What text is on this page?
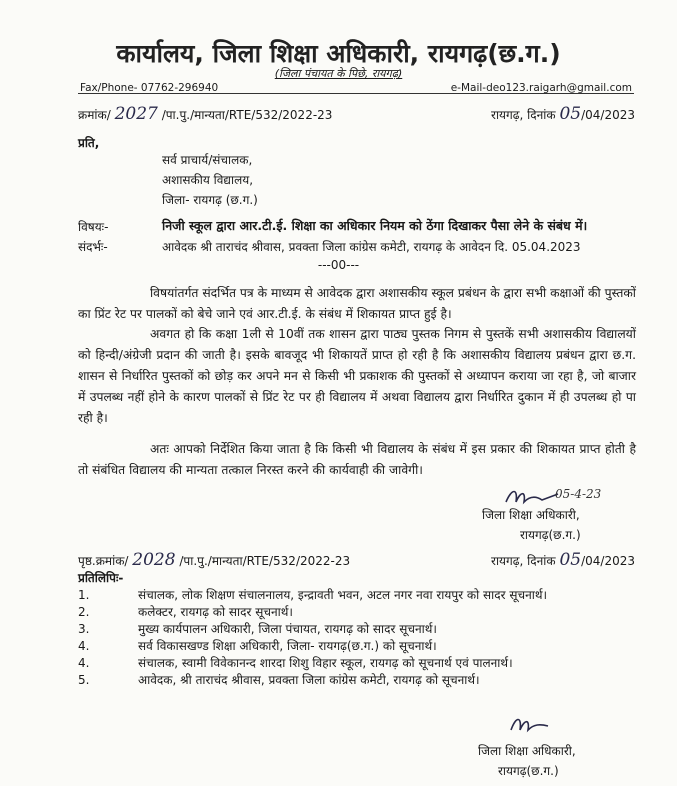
कार्यालय, जिला शिक्षा अधिकारी, रायगढ़(छ.ग.)
(जिला पंचायत के पिछे, रायगढ़)
Fax/Phone- 07762-296940	e-Mail-deo123.raigarh@gmail.com
क्रमांक/ 2027 /पा.पु./मान्यता/RTE/532/2022-23	रायगढ़, दिनांक 05/04/2023
प्रति,
सर्व प्राचार्य/संचालक,
अशासकीय विद्यालय,
जिला- रायगढ़ (छ.ग.)
विषयः-	निजी स्कूल द्वारा आर.टी.ई. शिक्षा का अधिकार नियम को ठेंगा दिखाकर पैसा लेने के संबंध में।
संदर्भः-	आवेदक श्री ताराचंद श्रीवास, प्रवक्ता जिला कांग्रेस कमेटी, रायगढ़ के आवेदन दि. 05.04.2023
---00---
विषयांतर्गत संदर्भित पत्र के माध्यम से आवेदक द्वारा अशासकीय स्कूल प्रबंधन के द्वारा सभी कक्षाओं की पुस्तकों का प्रिंट रेट पर पालकों को बेचे जाने एवं आर.टी.ई. के संबंध में शिकायत प्राप्त हुई है।
अवगत हो कि कक्षा 1ली से 10वीं तक शासन द्वारा पाठ्य पुस्तक निगम से पुस्तकें सभी अशासकीय विद्यालयों को हिन्दी/अंग्रेजी प्रदान की जाती है। इसके बावजूद भी शिकायतें प्राप्त हो रही है कि अशासकीय विद्यालय प्रबंधन द्वारा छ.ग. शासन से निर्धारित पुस्तकों को छोड़ कर अपने मन से किसी भी प्रकाशक की पुस्तकों से अध्यापन कराया जा रहा है, जो बाजार में उपलब्ध नहीं होने के कारण पालकों से प्रिंट रेट पर ही विद्यालय में अथवा विद्यालय द्वारा निर्धारित दुकान में ही उपलब्ध हो पा रही है।
अतः आपको निर्देशित किया जाता है कि किसी भी विद्यालय के संबंध में इस प्रकार की शिकायत प्राप्त होती है तो संबंधित विद्यालय की मान्यता तत्काल निरस्त करने की कार्यवाही की जावेगी।
05-4-23
जिला शिक्षा अधिकारी,
रायगढ़(छ.ग.)
पृष्ठ.क्रमांक/ 2028 /पा.पु./मान्यता/RTE/532/2022-23	रायगढ़, दिनांक 05/04/2023
प्रतिलिपिः-
1.	संचालक, लोक शिक्षण संचालनालय, इन्द्रावती भवन, अटल नगर नवा रायपुर को सादर सूचनार्थ।
2.	कलेक्टर, रायगढ़ को सादर सूचनार्थ।
3.	मुख्य कार्यपालन अधिकारी, जिला पंचायत, रायगढ़ को सादर सूचनार्थ।
4.	सर्व विकासखण्ड शिक्षा अधिकारी, जिला- रायगढ़(छ.ग.) को सूचनार्थ।
4.	संचालक, स्वामी विवेकानन्द शारदा शिशु विहार स्कूल, रायगढ़ को सूचनार्थ एवं पालनार्थ।
5.	आवेदक, श्री ताराचंद श्रीवास, प्रवक्ता जिला कांग्रेस कमेटी, रायगढ़ को सूचनार्थ।
जिला शिक्षा अधिकारी,
रायगढ़(छ.ग.)
